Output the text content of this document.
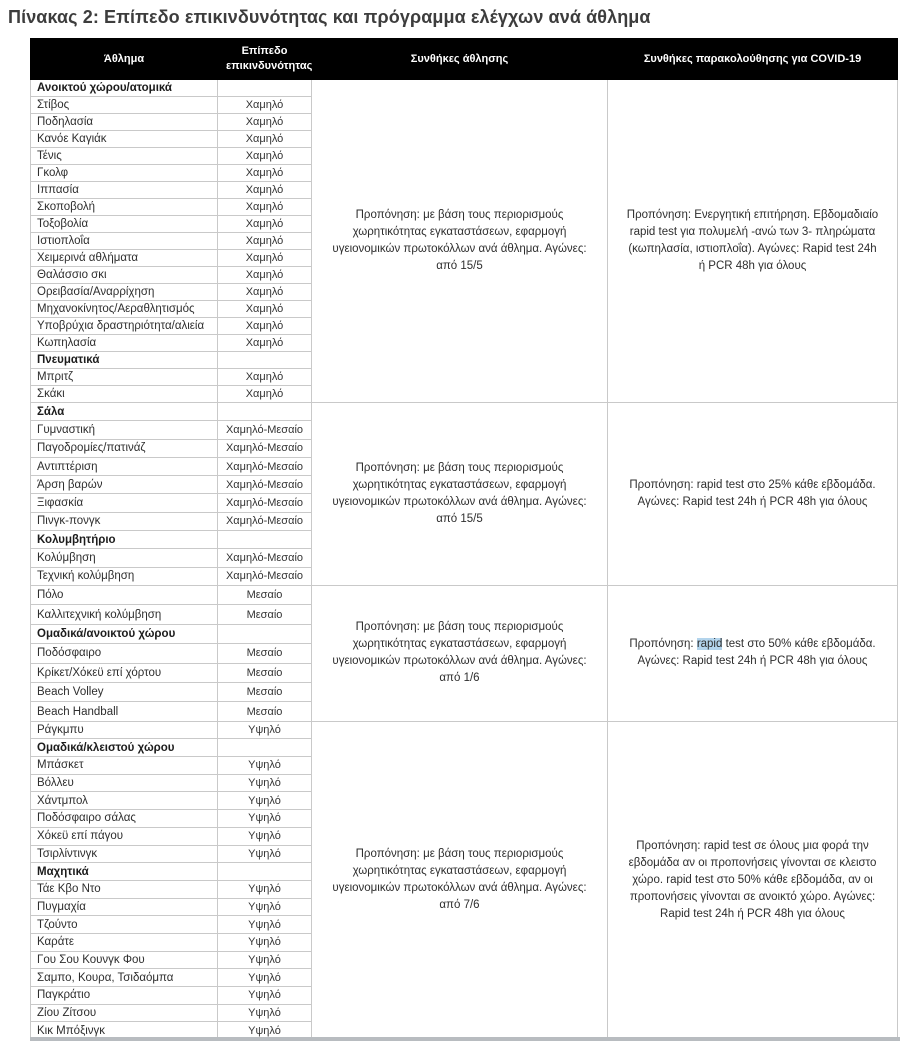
Πίνακας 2: Επίπεδο επικινδυνότητας και πρόγραμμα ελέγχων ανά άθλημα
Άθλημα	Επίπεδο επικινδυνότητας	Συνθήκες άθλησης	Συνθήκες παρακολούθησης για COVID-19
Ανοικτού χώρου/ατομικά		Προπόνηση: με βάση τους περιορισμούς χωρητικότητας εγκαταστάσεων, εφαρμογή υγειονομικών πρωτοκόλλων ανά άθλημα. Αγώνες: από 15/5	Προπόνηση: Ενεργητική επιτήρηση. Εβδομαδιαίο rapid test για πολυμελή -ανώ των 3- πληρώματα (κωπηλασία, ιστιοπλοΐα). Αγώνες: Rapid test 24h ή PCR 48h για όλους
Στίβος	Χαμηλό		
Ποδηλασία	Χαμηλό		
Κανόε Καγιάκ	Χαμηλό		
Τένις	Χαμηλό		
Γκολφ	Χαμηλό		
Ιππασία	Χαμηλό		
Σκοποβολή	Χαμηλό		
Τοξοβολία	Χαμηλό		
Ιστιοπλοΐα	Χαμηλό		
Χειμερινά αθλήματα	Χαμηλό		
Θαλάσσιο σκι	Χαμηλό		
Ορειβασία/Αναρρίχηση	Χαμηλό		
Μηχανοκίνητος/Αεραθλητισμός	Χαμηλό		
Υποβρύχια δραστηριότητα/αλιεία	Χαμηλό		
Κωπηλασία	Χαμηλό		
Πνευματικά			
Μπριτζ	Χαμηλό		
Σκάκι	Χαμηλό		
Σάλα		Προπόνηση: με βάση τους περιορισμούς χωρητικότητας εγκαταστάσεων, εφαρμογή υγειονομικών πρωτοκόλλων ανά άθλημα. Αγώνες: από 15/5	Προπόνηση: rapid test στο 25% κάθε εβδομάδα. Αγώνες: Rapid test 24h ή PCR 48h για όλους
Γυμναστική	Χαμηλό-Μεσαίο		
Παγοδρομίες/πατινάζ	Χαμηλό-Μεσαίο		
Αντιπτέριση	Χαμηλό-Μεσαίο		
Άρση βαρών	Χαμηλό-Μεσαίο		
Ξιφασκία	Χαμηλό-Μεσαίο		
Πινγκ-πονγκ	Χαμηλό-Μεσαίο		
Κολυμβητήριο			
Κολύμβηση	Χαμηλό-Μεσαίο		
Τεχνική κολύμβηση	Χαμηλό-Μεσαίο		
Πόλο	Μεσαίο	Προπόνηση: με βάση τους περιορισμούς χωρητικότητας εγκαταστάσεων, εφαρμογή υγειονομικών πρωτοκόλλων ανά άθλημα. Αγώνες: από 1/6	Προπόνηση: rapid test στο 50% κάθε εβδομάδα. Αγώνες: Rapid test 24h ή PCR 48h για όλους
Καλλιτεχνική κολύμβηση	Μεσαίο		
Ομαδικά/ανοικτού χώρου			
Ποδόσφαιρο	Μεσαίο		
Κρίκετ/Χόκεϋ επί χόρτου	Μεσαίο		
Beach Volley	Μεσαίο		
Beach Handball	Μεσαίο		
Ράγκμπυ	Υψηλό	Προπόνηση: με βάση τους περιορισμούς χωρητικότητας εγκαταστάσεων, εφαρμογή υγειονομικών πρωτοκόλλων ανά άθλημα. Αγώνες: από 7/6	Προπόνηση: rapid test σε όλους μια φορά την εβδομάδα αν οι προπονήσεις γίνονται σε κλειστο χώρο. rapid test στο 50% κάθε εβδομάδα, αν οι προπονήσεις γίνονται σε ανοικτό χώρο. Αγώνες: Rapid test 24h ή PCR 48h για όλους
Ομαδικά/κλειστού χώρου			
Μπάσκετ	Υψηλό		
Βόλλευ	Υψηλό		
Χάντμπολ	Υψηλό		
Ποδόσφαιρο σάλας	Υψηλό		
Χόκεϋ επί πάγου	Υψηλό		
Τσιρλίντινγκ	Υψηλό		
Μαχητικά			
Τάε Κβο Ντο	Υψηλό		
Πυγμαχία	Υψηλό		
Τζούντο	Υψηλό		
Καράτε	Υψηλό		
Γου Σου Κουνγκ Φου	Υψηλό		
Σαμπο, Κουρα, Τσιδαόμπα	Υψηλό		
Παγκράτιο	Υψηλό		
Ζίου Ζίτσου	Υψηλό		
Κικ Μπόξινγκ	Υψηλό		
